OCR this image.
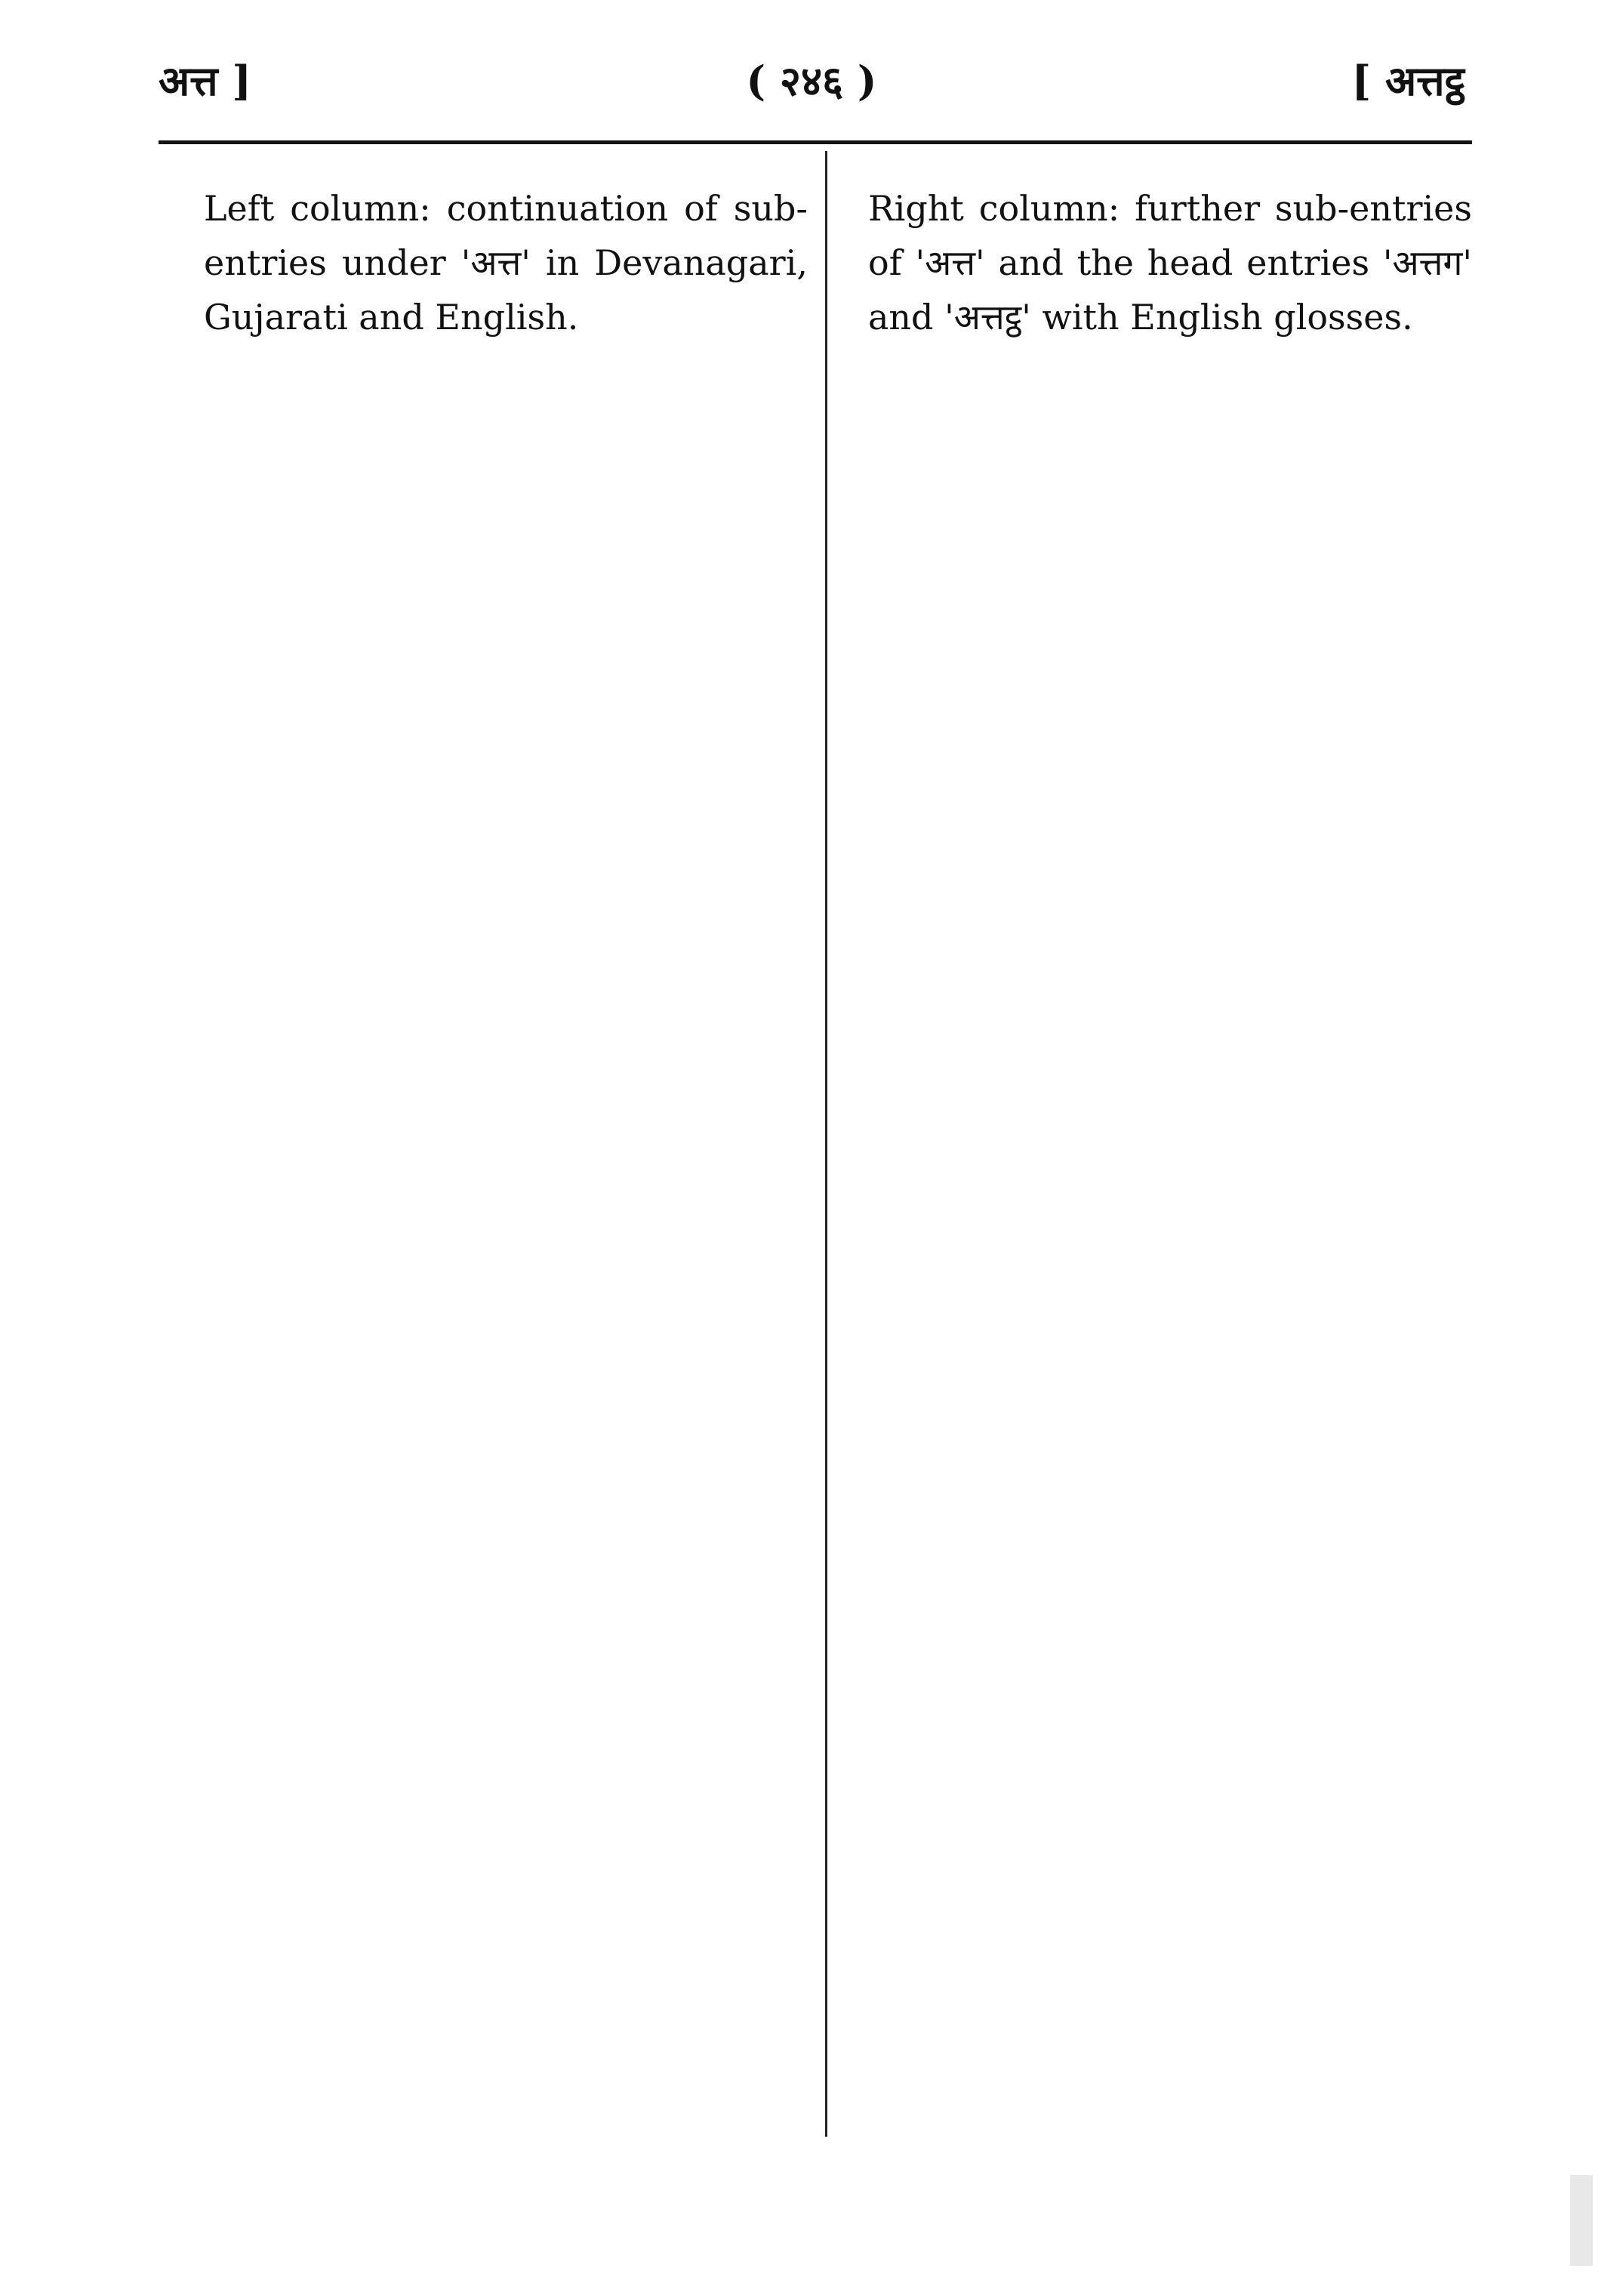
अत्त ]	( २४६ )	[ अत्तट्ठ

Left column: continuation of sub-entries under 'अत्त' in Devanagari, Gujarati and English.

Right column: further sub-entries of 'अत्त' and the head entries 'अत्तग' and 'अत्तट्ठ' with English glosses.
